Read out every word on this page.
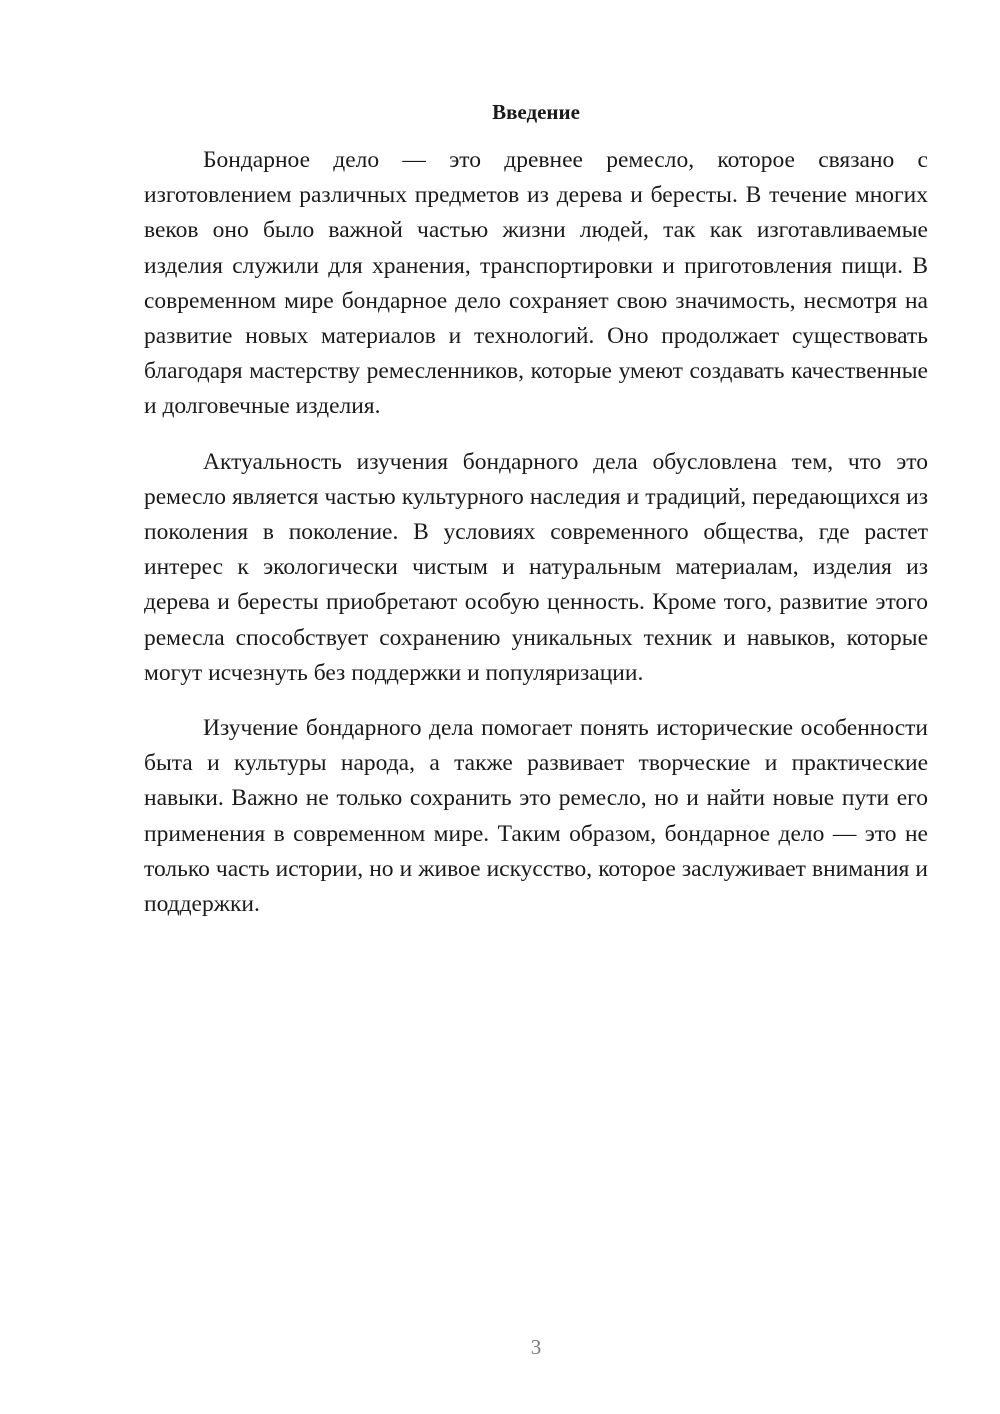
Введение

Бондарное дело — это древнее ремесло, которое связано с изготовлением различных предметов из дерева и бересты. В течение многих веков оно было важной частью жизни людей, так как изготавливаемые изделия служили для хранения, транспортировки и приготовления пищи. В современном мире бондарное дело сохраняет свою значимость, несмотря на развитие новых материалов и технологий. Оно продолжает существовать благодаря мастерству ремесленников, которые умеют создавать качественные и долговечные изделия.

Актуальность изучения бондарного дела обусловлена тем, что это ремесло является частью культурного наследия и традиций, передающихся из поколения в поколение. В условиях современного общества, где растет интерес к экологически чистым и натуральным материалам, изделия из дерева и бересты приобретают особую ценность. Кроме того, развитие этого ремесла способствует сохранению уникальных техник и навыков, которые могут исчезнуть без поддержки и популяризации.

Изучение бондарного дела помогает понять исторические особенности быта и культуры народа, а также развивает творческие и практические навыки. Важно не только сохранить это ремесло, но и найти новые пути его применения в современном мире. Таким образом, бондарное дело — это не только часть истории, но и живое искусство, которое заслуживает внимания и поддержки.

3
